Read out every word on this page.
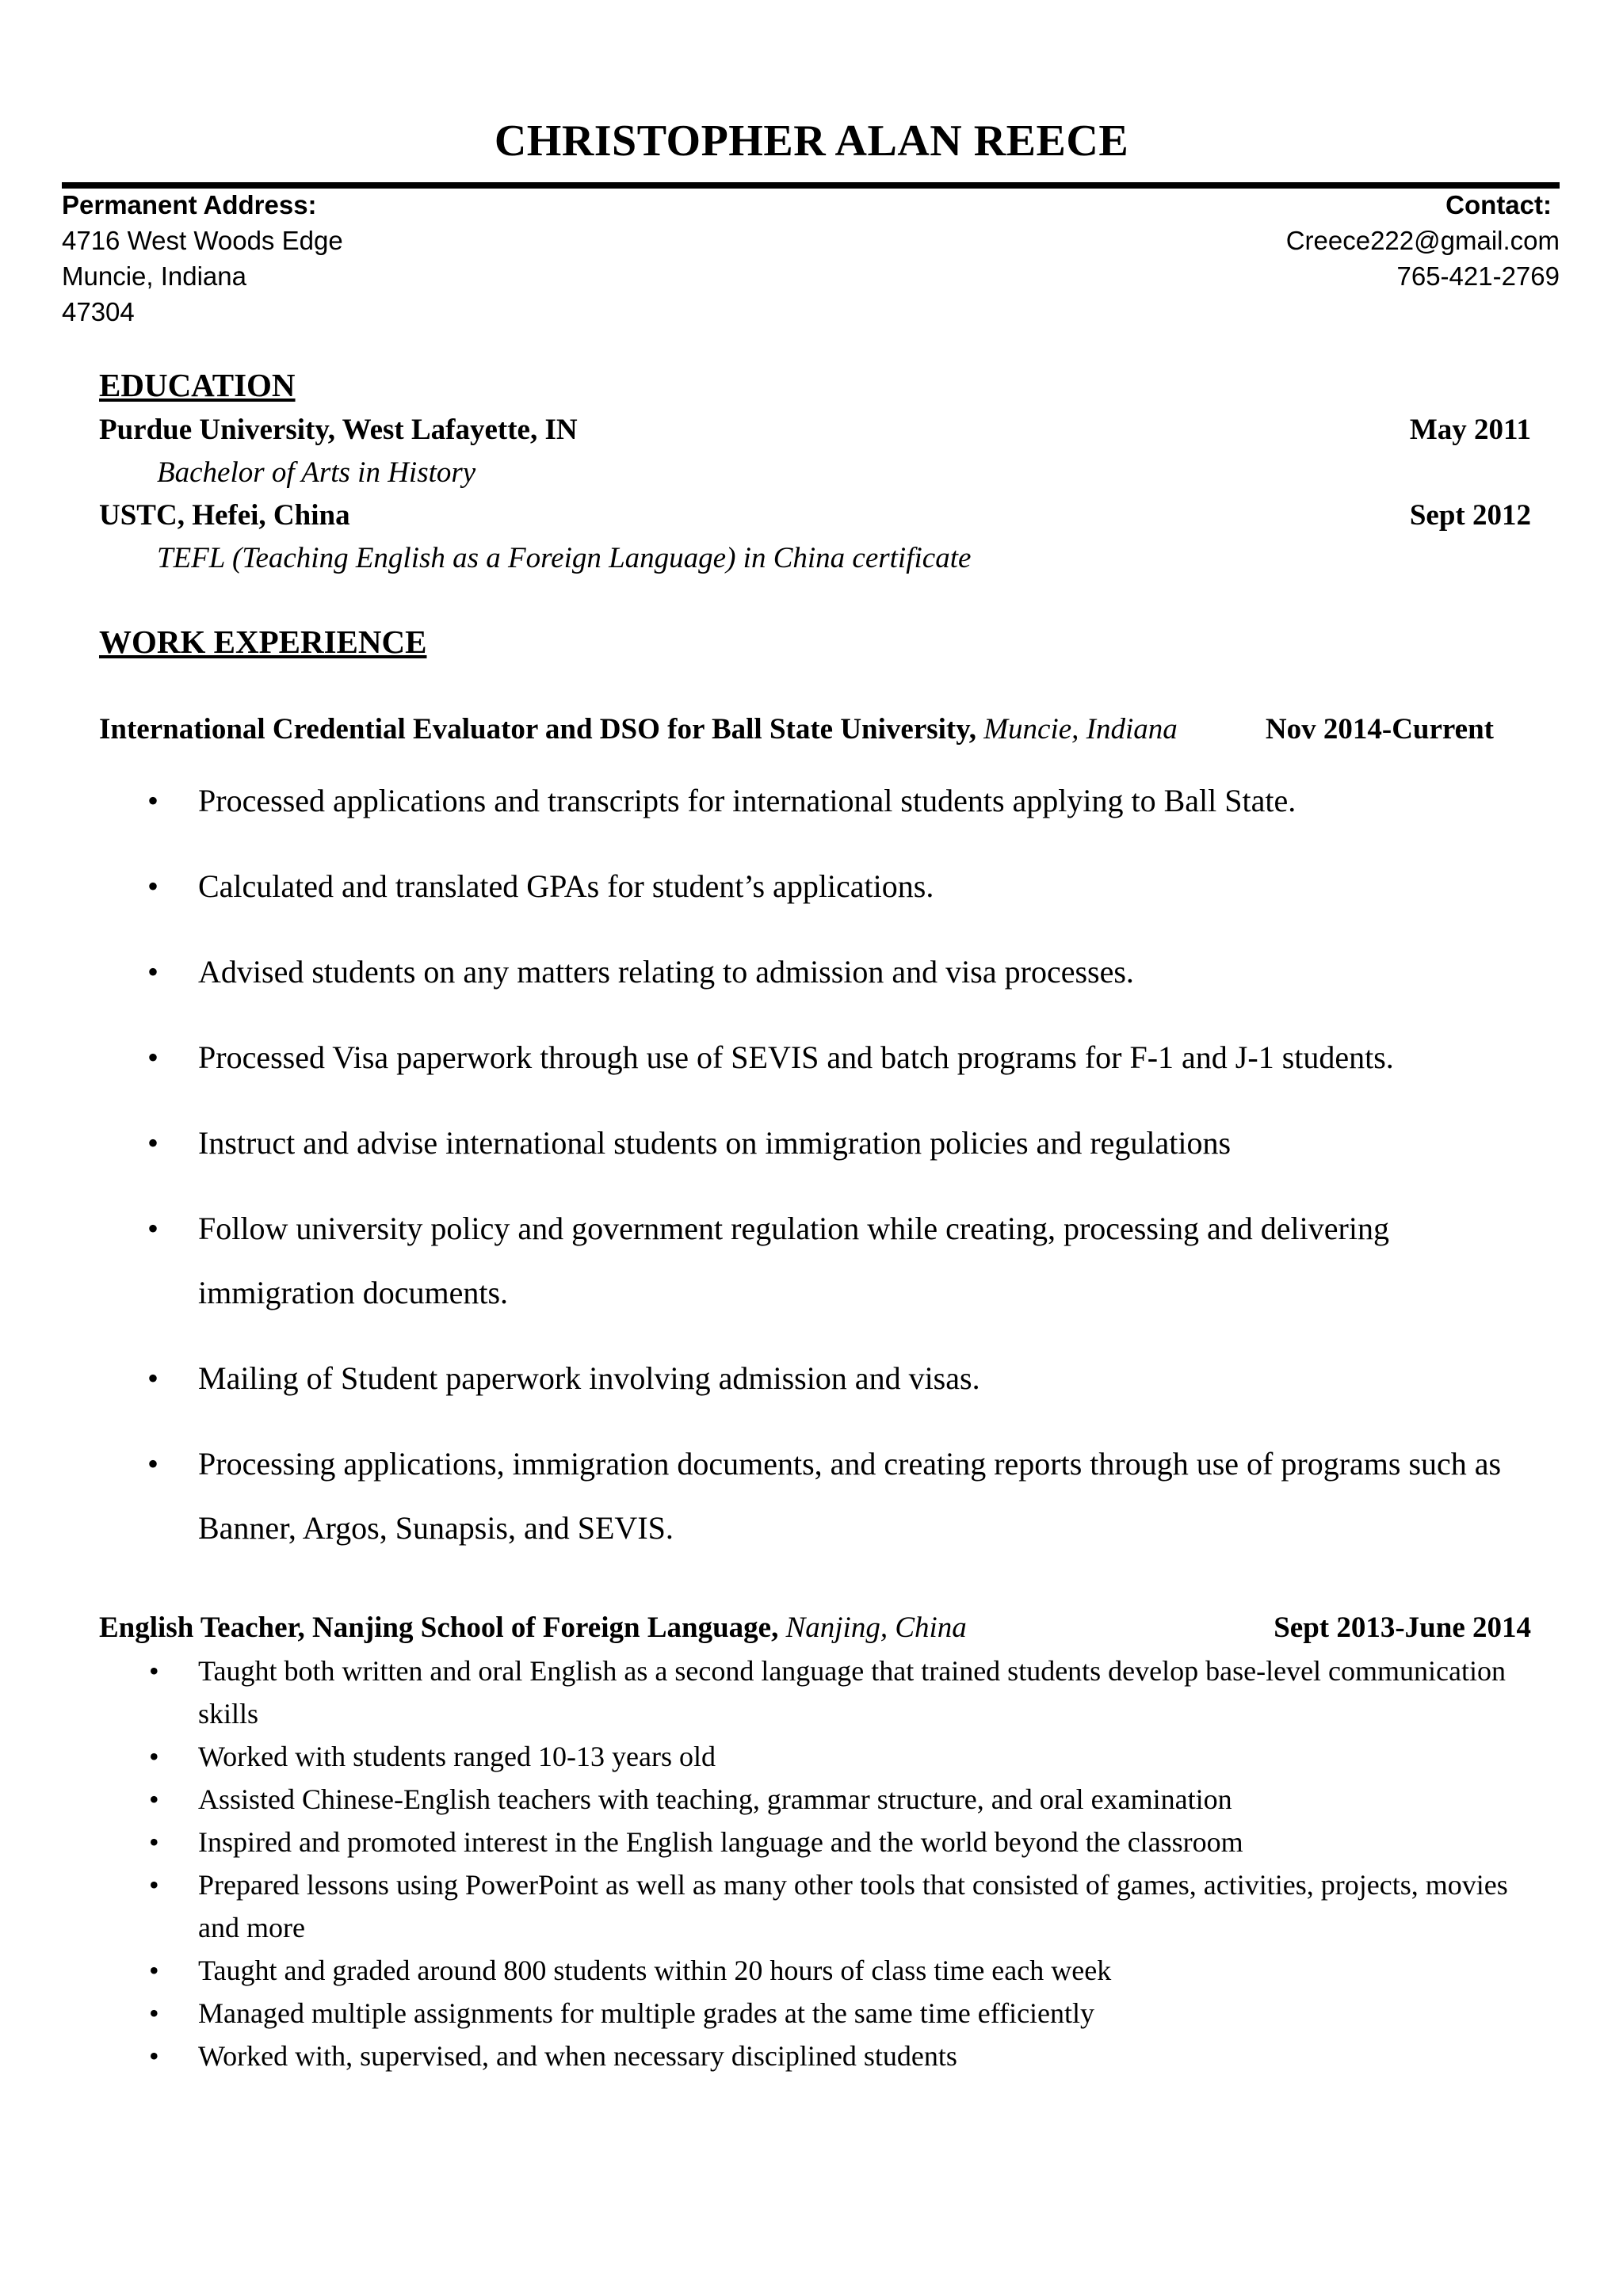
CHRISTOPHER ALAN REECE
Permanent Address:
4716 West Woods Edge
Muncie, Indiana
47304
Contact:
Creece222@gmail.com
765-421-2769
EDUCATION
Purdue University, West Lafayette, IN	May 2011
Bachelor of Arts in History
USTC, Hefei, China	Sept 2012
TEFL (Teaching English as a Foreign Language) in China certificate
WORK EXPERIENCE
International Credential Evaluator and DSO for Ball State University, Muncie, Indiana	Nov 2014-Current
• Processed applications and transcripts for international students applying to Ball State.
• Calculated and translated GPAs for student’s applications.
• Advised students on any matters relating to admission and visa processes.
• Processed Visa paperwork through use of SEVIS and batch programs for F-1 and J-1 students.
• Instruct and advise international students on immigration policies and regulations
• Follow university policy and government regulation while creating, processing and delivering immigration documents.
• Mailing of Student paperwork involving admission and visas.
• Processing applications, immigration documents, and creating reports through use of programs such as Banner, Argos, Sunapsis, and SEVIS.
English Teacher, Nanjing School of Foreign Language, Nanjing, China	Sept 2013-June 2014
• Taught both written and oral English as a second language that trained students develop base-level communication skills
• Worked with students ranged 10-13 years old
• Assisted Chinese-English teachers with teaching, grammar structure, and oral examination
• Inspired and promoted interest in the English language and the world beyond the classroom
• Prepared lessons using PowerPoint as well as many other tools that consisted of games, activities, projects, movies and more
• Taught and graded around 800 students within 20 hours of class time each week
• Managed multiple assignments for multiple grades at the same time efficiently
• Worked with, supervised, and when necessary disciplined students
